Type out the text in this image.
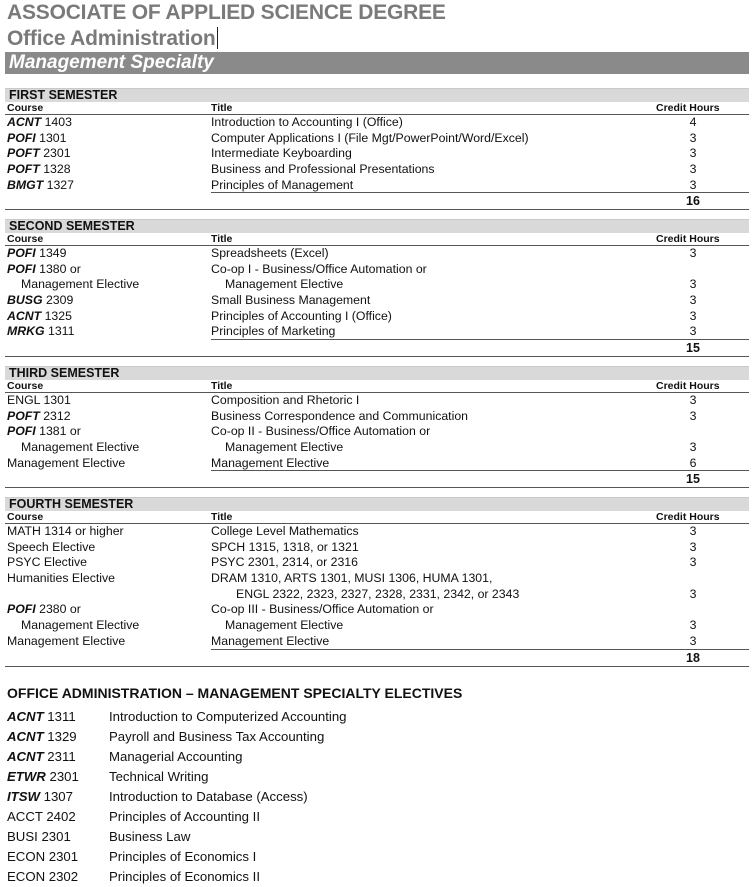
ASSOCIATE OF APPLIED SCIENCE DEGREE
Office Administration
Management Specialty
FIRST SEMESTER
Course	Title	Credit Hours
ACNT 1403	Introduction to Accounting I (Office)	4
POFI 1301	Computer Applications I (File Mgt/PowerPoint/Word/Excel)	3
POFT 2301	Intermediate Keyboarding	3
POFT 1328	Business and Professional Presentations	3
BMGT 1327	Principles of Management	3
16
SECOND SEMESTER
Course	Title	Credit Hours
POFI 1349	Spreadsheets (Excel)	3
POFI 1380 or	Co-op I - Business/Office Automation or
Management Elective	Management Elective	3
BUSG 2309	Small Business Management	3
ACNT 1325	Principles of Accounting I (Office)	3
MRKG 1311	Principles of Marketing	3
15
THIRD SEMESTER
Course	Title	Credit Hours
ENGL 1301	Composition and Rhetoric I	3
POFT 2312	Business Correspondence and Communication	3
POFI 1381 or	Co-op II - Business/Office Automation or
Management Elective	Management Elective	3
Management Elective	Management Elective	6
15
FOURTH SEMESTER
Course	Title	Credit Hours
MATH 1314 or higher	College Level Mathematics	3
Speech Elective	SPCH 1315, 1318, or 1321	3
PSYC Elective	PSYC 2301, 2314, or 2316	3
Humanities Elective	DRAM 1310, ARTS 1301, MUSI 1306, HUMA 1301,
ENGL 2322, 2323, 2327, 2328, 2331, 2342, or 2343	3
POFI 2380 or	Co-op III - Business/Office Automation or
Management Elective	Management Elective	3
Management Elective	Management Elective	3
18
OFFICE ADMINISTRATION – MANAGEMENT SPECIALTY ELECTIVES
ACNT 1311	Introduction to Computerized Accounting
ACNT 1329 Payroll and Business Tax Accounting
ACNT 2311	Managerial Accounting
ETWR 2301 Technical Writing
ITSW 1307	Introduction to Database (Access)
ACCT 2402	Principles of Accounting II
BUSI 2301	Business Law
ECON 2301 Principles of Economics I
ECON 2302 Principles of Economics II
